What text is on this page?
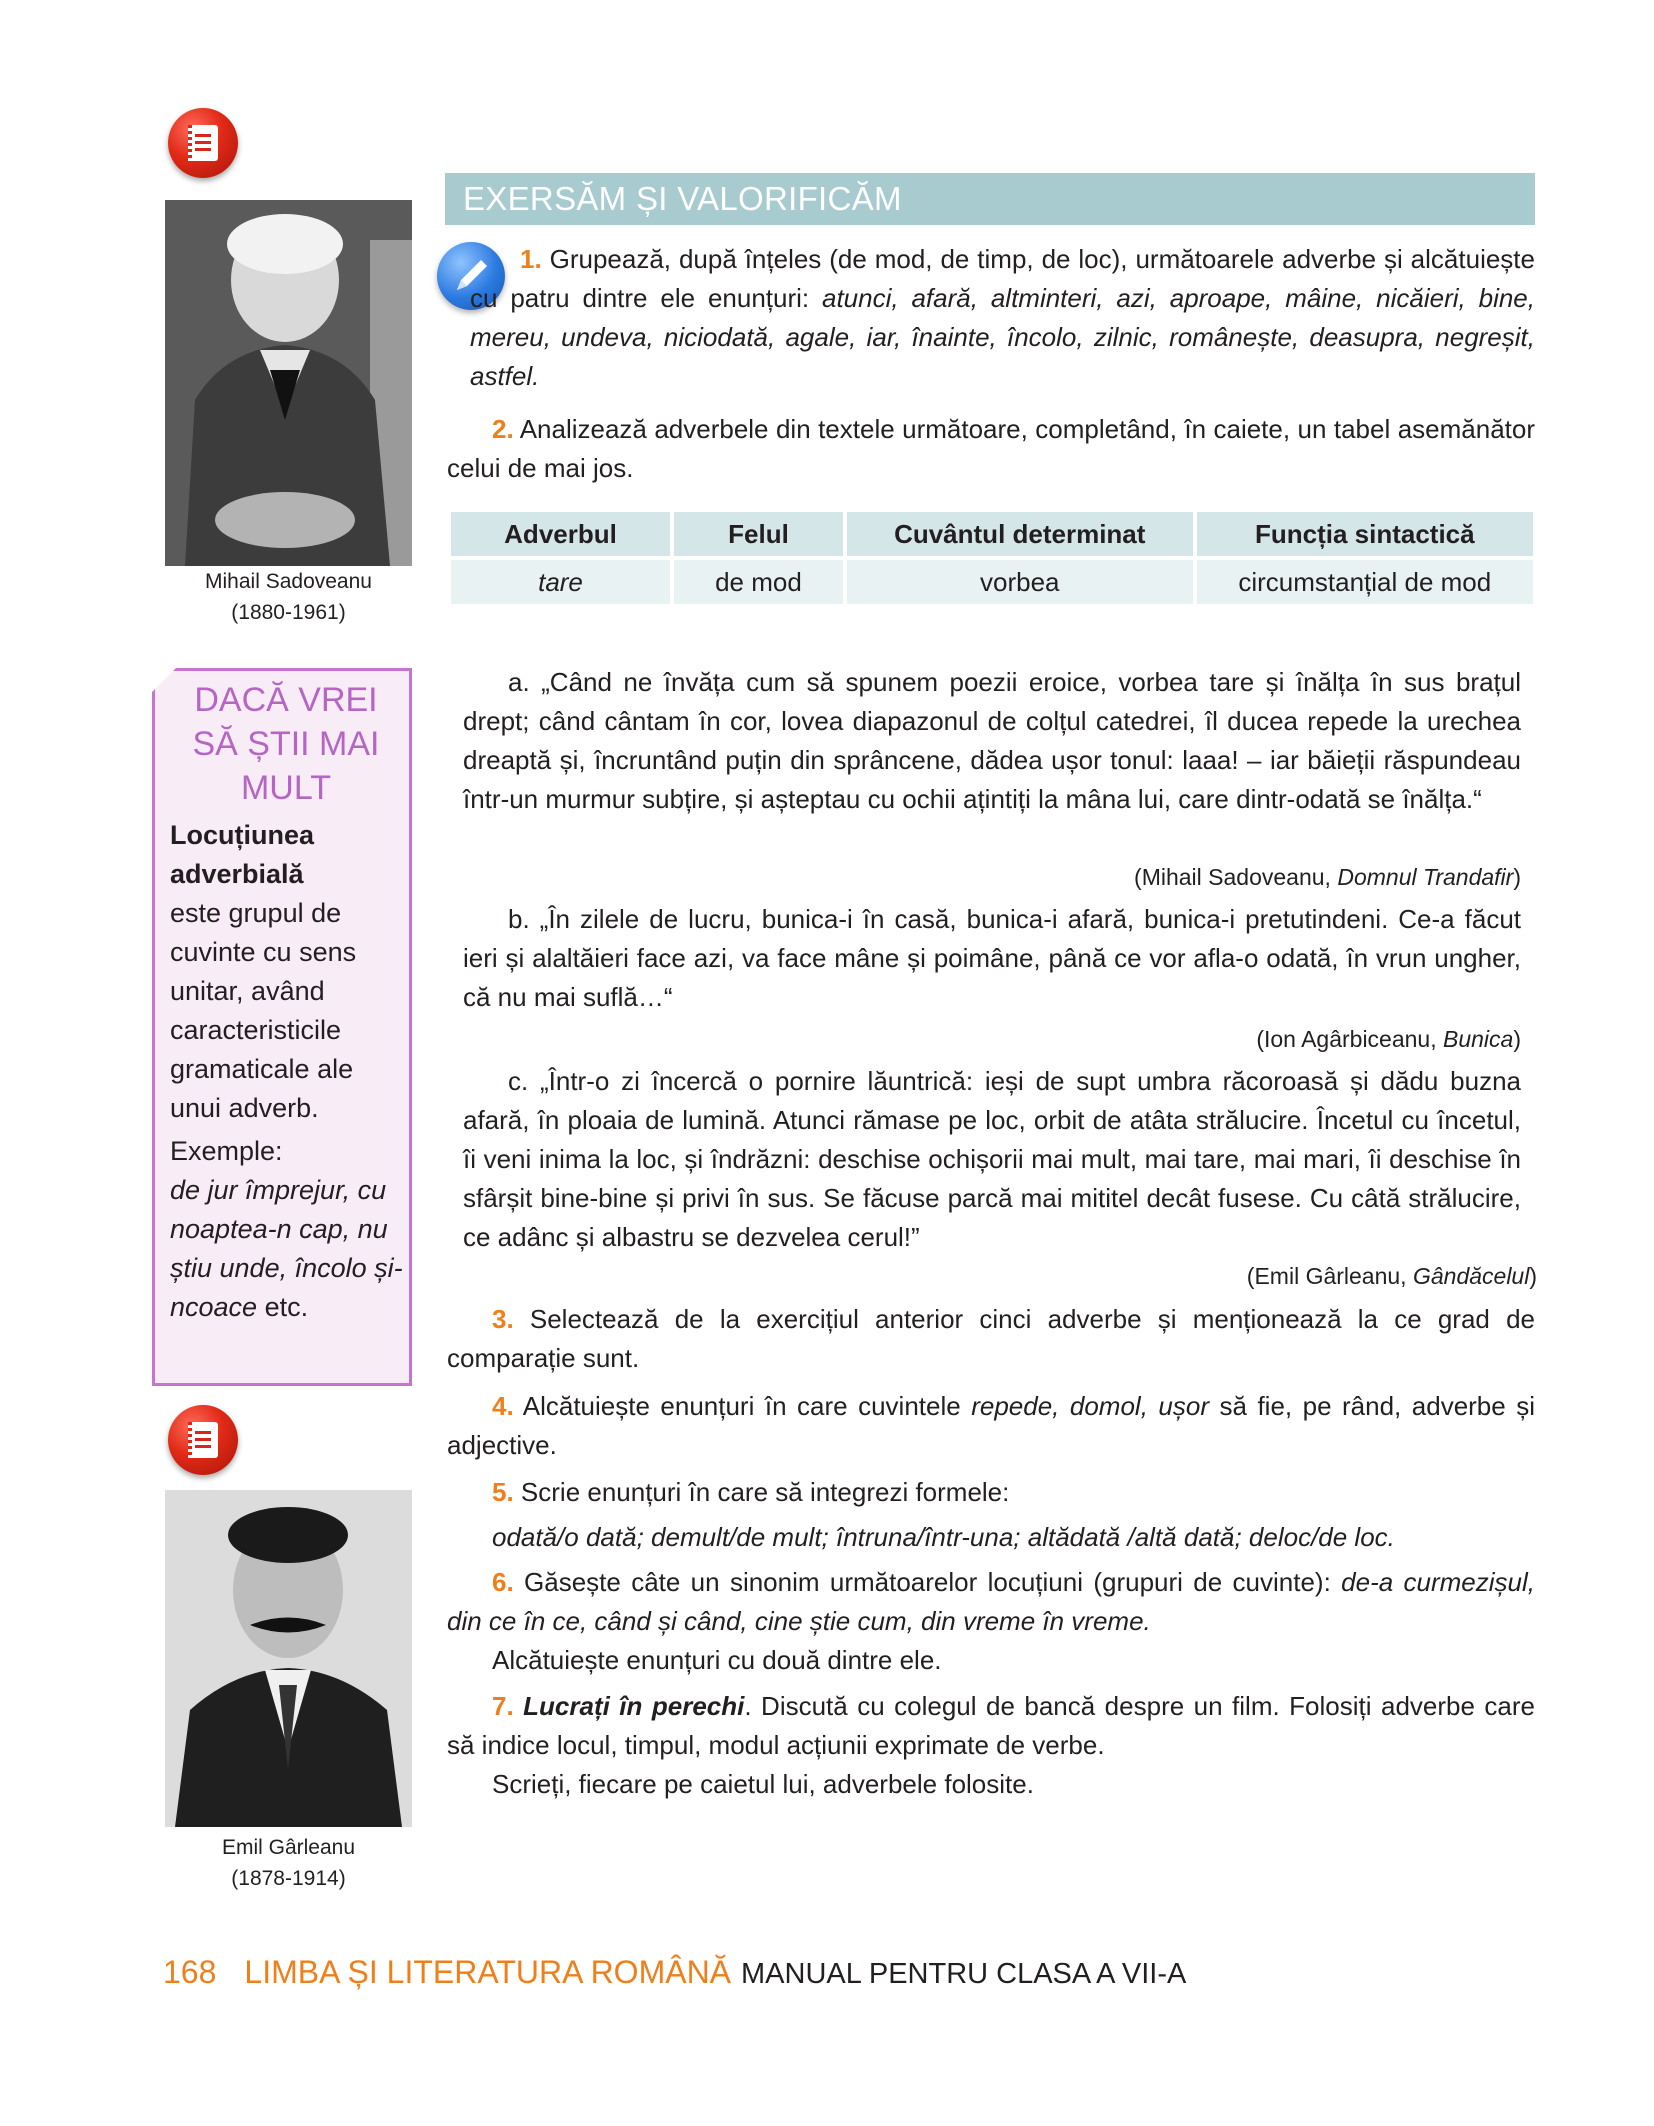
Mihail Sadoveanu
(1880-1961)
DACĂ VREI SĂ ȘTII MAI MULT
Locuțiunea adverbială
este grupul de cuvinte cu sens unitar, având caracteristicile gramaticale ale unui adverb.
Exemple:
de jur împrejur, cu noaptea-n cap, nu știu unde, încolo și-ncoace etc.
Emil Gârleanu
(1878-1914)
EXERSĂM ȘI VALORIFICĂM
1. Grupează, după înțeles (de mod, de timp, de loc), următoarele adverbe și alcătuiește cu patru dintre ele enunțuri: atunci, afară, altminteri, azi, aproape, mâine, nicăieri, bine, mereu, undeva, niciodată, agale, iar, înainte, încolo, zilnic, românește, deasupra, negreșit, astfel.
2. Analizează adverbele din textele următoare, completând, în caiete, un tabel asemănător celui de mai jos.
Adverbul	Felul	Cuvântul determinat	Funcția sintactică
tare	de mod	vorbea	circumstanțial de mod
a. „Când ne învăța cum să spunem poezii eroice, vorbea tare și înălța în sus brațul drept; când cântam în cor, lovea diapazonul de colțul catedrei, îl ducea repede la urechea dreaptă și, încruntând puțin din sprâncene, dădea ușor tonul: laaa! – iar băieții răspundeau într-un murmur subțire, și așteptau cu ochii ațintiți la mâna lui, care dintr-odată se înălța.“
(Mihail Sadoveanu, Domnul Trandafir)
b. „În zilele de lucru, bunica-i în casă, bunica-i afară, bunica-i pretutindeni. Ce-a făcut ieri și alaltăieri face azi, va face mâne și poimâne, până ce vor afla-o odată, în vrun ungher, că nu mai suflă…“
(Ion Agârbiceanu, Bunica)
c. „Într-o zi încercă o pornire lăuntrică: ieși de supt umbra răcoroasă și dădu buzna afară, în ploaia de lumină. Atunci rămase pe loc, orbit de atâta strălucire. Încetul cu încetul, îi veni inima la loc, și îndrăzni: deschise ochișorii mai mult, mai tare, mai mari, îi deschise în sfârșit bine-bine și privi în sus. Se făcuse parcă mai mititel decât fusese. Cu câtă strălucire, ce adânc și albastru se dezvelea cerul!”
(Emil Gârleanu, Gândăcelul)
3. Selectează de la exercițiul anterior cinci adverbe și menționează la ce grad de comparație sunt.
4. Alcătuiește enunțuri în care cuvintele repede, domol, ușor să fie, pe rând, adverbe și adjective.
5. Scrie enunțuri în care să integrezi formele:
odată/o dată; demult/de mult; întruna/într-una; altădată /altă dată; deloc/de loc.
6. Găsește câte un sinonim următoarelor locuțiuni (grupuri de cuvinte): de-a curmezișul, din ce în ce, când și când, cine știe cum, din vreme în vreme.
Alcătuiește enunțuri cu două dintre ele.
7. Lucrați în perechi. Discută cu colegul de bancă despre un film. Folosiți adverbe care să indice locul, timpul, modul acțiunii exprimate de verbe.
Scrieți, fiecare pe caietul lui, adverbele folosite.
168 LIMBA ȘI LITERATURA ROMÂNĂ MANUAL PENTRU CLASA A VII-A
